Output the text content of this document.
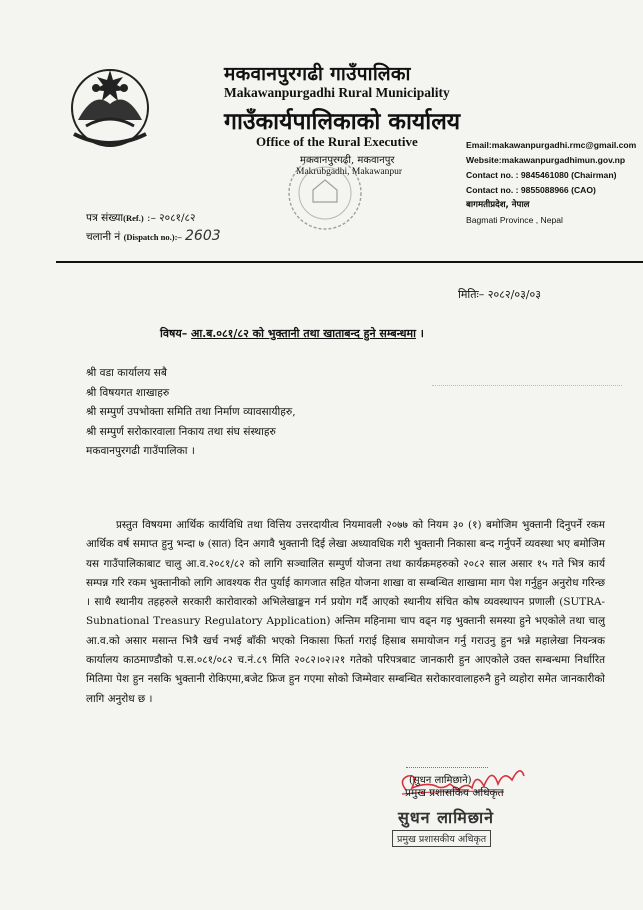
मकवानपुरगढी गाउँपालिका
Makawanpurgadhi Rural Municipality
गाउँकार्यपालिकाको कार्यालय
Office of the Rural Executive
मकवानपुरगढी, मकवानपुर
Makrubgadhi, Makawanpur
Email:makawanpurgadhi.rmc@gmail.com
Website:makawanpurgadhimun.gov.np
Contact no. : 9845461080 (Chairman)
Contact no. : 9855088966 (CAO)
बागमतीप्रदेश, नेपाल
Bagmati Province , Nepal
पत्र संख्या(Ref.) :– २०८१/८२
चलानी नं (Dispatch no.):– 2603
मितिः– २०८२/०३/०३
विषय– आ.ब.०८१/८२ को भुक्तानी तथा खाताबन्द हुने सम्बन्धमा ।
श्री वडा कार्यालय सबै
श्री विषयगत शाखाहरु
श्री सम्पुर्ण उपभोक्ता समिति तथा निर्माण व्यावसायीहरु,
श्री सम्पुर्ण सरोकारवाला निकाय तथा संघ संस्थाहरु
मकवानपुरगढी गाउँपालिका ।
प्रस्तुत विषयमा आर्थिक कार्यविधि तथा वित्तिय उत्तरदायीत्व नियमावली २०७७ को नियम ३० (१) बमोजिम भुक्तानी दिनुपर्ने रकम आर्थिक वर्ष समाप्त हुनु भन्दा ७ (सात) दिन अगावै भुक्तानी दिई लेखा अध्यावधिक गरी भुक्तानी निकासा बन्द गर्नुपर्ने व्यवस्था भए बमोजिम यस गाउँपालिकाबाट चालु आ.व.२०८१/८२ को लागि सञ्चालित सम्पुर्ण योजना तथा कार्यक्रमहरुको २०८२ साल असार १५ गते भित्र कार्य सम्पन्न गरि रकम भुक्तानीको लागि आवश्यक रीत पुर्याई कागजात सहित योजना शाखा वा सम्बन्धित शाखामा माग पेश गर्नुहुन अनुरोध गरिन्छ । साथै स्थानीय तहहरुले सरकारी कारोवारको अभिलेखाङ्कन गर्न प्रयोग गर्दै आएको स्थानीय संचित कोष व्यवस्थापन प्रणाली (SUTRA-Subnational Treasury Regulatory Application) अन्तिम महिनामा चाप वढ्न गइ भुक्तानी समस्या हुने भएकोले तथा चालु आ.व.को असार मसान्त भित्रै खर्च नभई बाँकी भएको निकासा फिर्ता गराई हिसाब समायोजन गर्नु गराउनु हुन भन्ने महालेखा नियन्त्रक कार्यालय काठमाण्डौको प.स.०८१/०८२ च.नं.८९ मिति २०८२।०२।२१ गतेको परिपत्रबाट जानकारी हुन आएकोले उक्त सम्बन्धमा निर्धारित मितिमा पेश हुन नसकि भुक्तानी रोकिएमा,बजेट फ्रिज हुन गएमा सोको जिम्मेवार सम्बन्धित सरोकारवालाहरुनै हुने व्यहोरा समेत जानकारीको लागि अनुरोध छ ।
(सुधन लामिछाने)
प्रमुख प्रशासकिय अधिकृत
सुधन लामिछाने
प्रमुख प्रशासकीय अधिकृत
